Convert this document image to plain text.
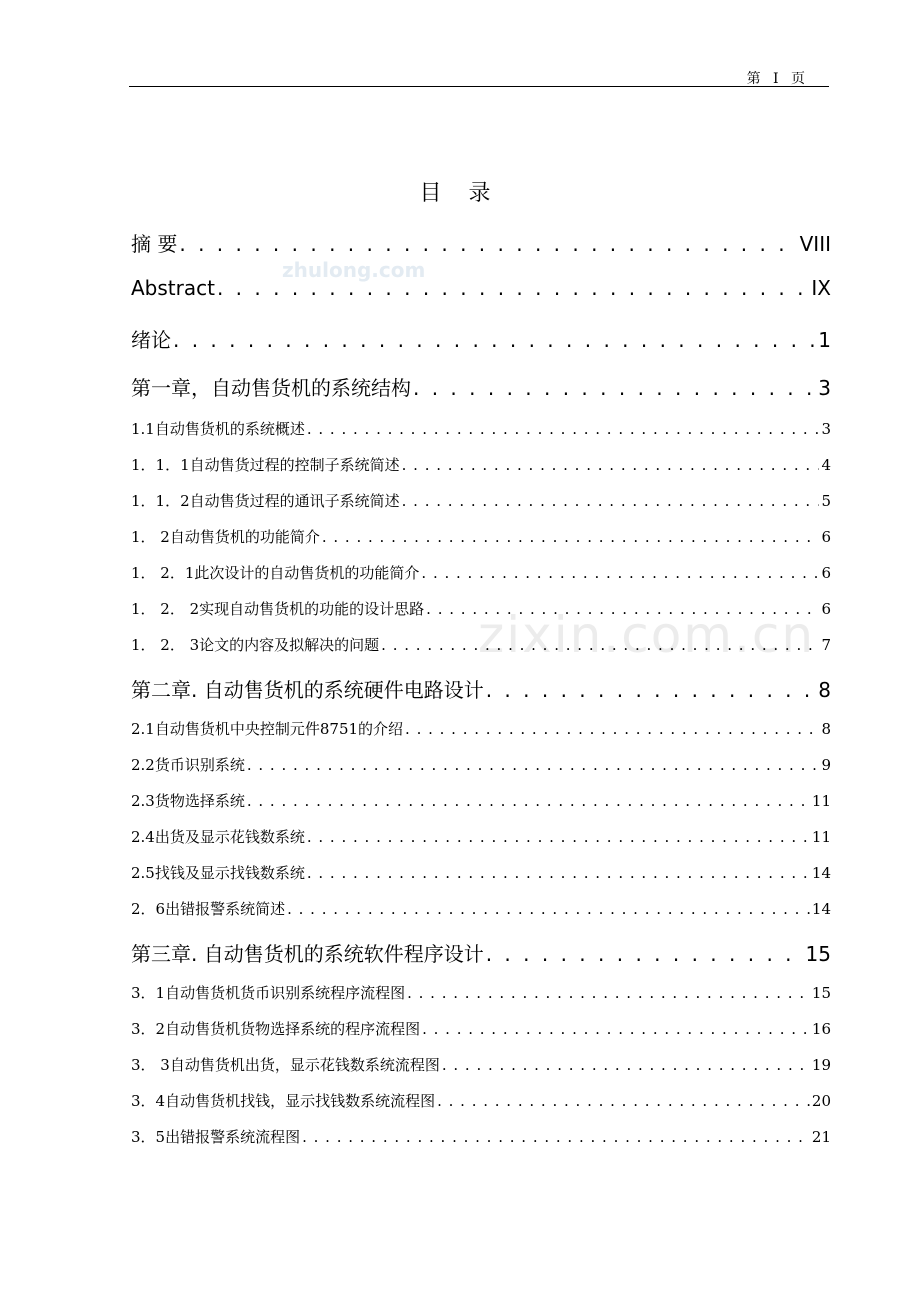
第 I 页
zhulong.com
zixin.com.cn
目 录
摘 要 . . .	VIII
Abstract . . .	IX
绪论 . . .	1
第一章，自动售货机的系统结构 . . .	3
1.1自动售货机的系统概述 . . .	3
1．1．1自动售货过程的控制子系统简述 . . .	4
1．1．2自动售货过程的通讯子系统简述 . . .	5
1． 2自动售货机的功能简介 . . .	6
1． 2．1此次设计的自动售货机的功能简介 . . .	6
1． 2． 2实现自动售货机的功能的设计思路 . . .	6
1． 2． 3论文的内容及拟解决的问题 . . .	7
第二章. 自动售货机的系统硬件电路设计 . . .	8
2.1自动售货机中央控制元件8751的介绍 . . .	8
2.2货币识别系统 . . .	9
2.3货物选择系统 . . .	11
2.4出货及显示花钱数系统 . . .	11
2.5找钱及显示找钱数系统 . . .	14
2．6出错报警系统简述 . . .	14
第三章. 自动售货机的系统软件程序设计 . . .	15
3．1自动售货机货币识别系统程序流程图 . . .	15
3．2自动售货机货物选择系统的程序流程图 . . .	16
3． 3自动售货机出货，显示花钱数系统流程图 . . .	19
3．4自动售货机找钱，显示找钱数系统流程图 . . .	20
3．5出错报警系统流程图 . . .	21
